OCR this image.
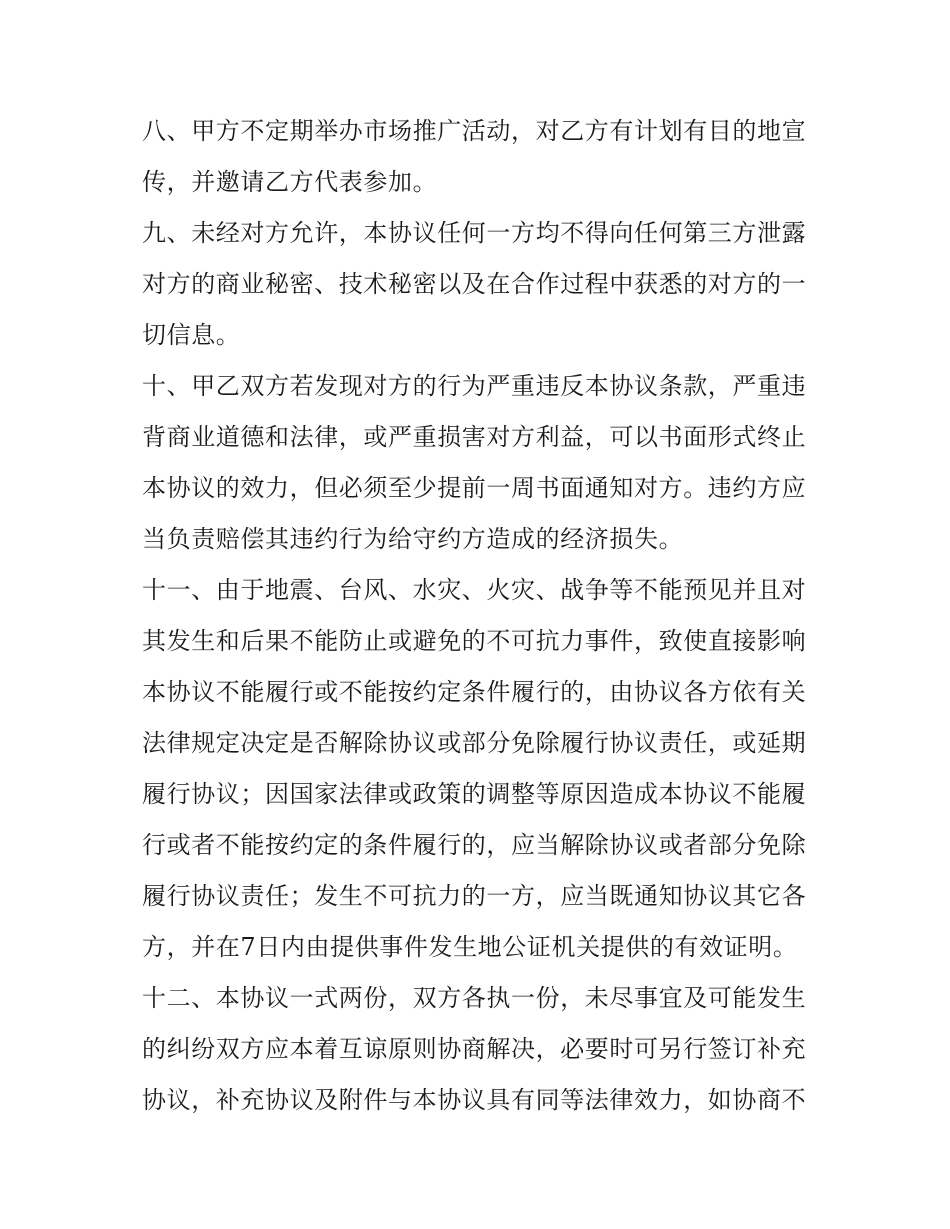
八、甲方不定期举办市场推广活动，对乙方有计划有目的地宣
传，并邀请乙方代表参加。
九、未经对方允许，本协议任何一方均不得向任何第三方泄露
对方的商业秘密、技术秘密以及在合作过程中获悉的对方的一
切信息。
十、甲乙双方若发现对方的行为严重违反本协议条款，严重违
背商业道德和法律，或严重损害对方利益，可以书面形式终止
本协议的效力，但必须至少提前一周书面通知对方。违约方应
当负责赔偿其违约行为给守约方造成的经济损失。
十一、由于地震、台风、水灾、火灾、战争等不能预见并且对
其发生和后果不能防止或避免的不可抗力事件，致使直接影响
本协议不能履行或不能按约定条件履行的，由协议各方依有关
法律规定决定是否解除协议或部分免除履行协议责任，或延期
履行协议；因国家法律或政策的调整等原因造成本协议不能履
行或者不能按约定的条件履行的，应当解除协议或者部分免除
履行协议责任；发生不可抗力的一方，应当既通知协议其它各
方，并在7日内由提供事件发生地公证机关提供的有效证明。
十二、本协议一式两份，双方各执一份，未尽事宜及可能发生
的纠纷双方应本着互谅原则协商解决，必要时可另行签订补充
协议，补充协议及附件与本协议具有同等法律效力，如协商不
